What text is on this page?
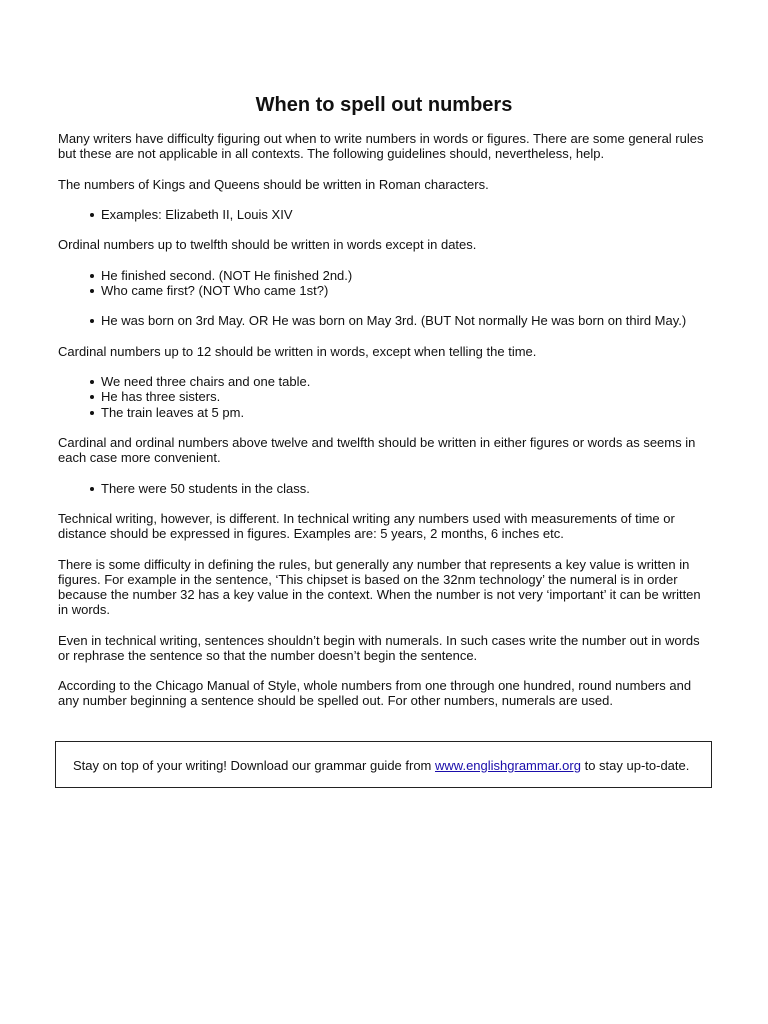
When to spell out numbers

Many writers have difficulty figuring out when to write numbers in words or figures. There are some general rules but these are not applicable in all contexts. The following guidelines should, nevertheless, help.

The numbers of Kings and Queens should be written in Roman characters.

Examples: Elizabeth II, Louis XIV

Ordinal numbers up to twelfth should be written in words except in dates.

He finished second. (NOT He finished 2nd.)
Who came first? (NOT Who came 1st?)
He was born on 3rd May. OR He was born on May 3rd. (BUT Not normally He was born on third May.)

Cardinal numbers up to 12 should be written in words, except when telling the time.

We need three chairs and one table.
He has three sisters.
The train leaves at 5 pm.

Cardinal and ordinal numbers above twelve and twelfth should be written in either figures or words as seems in each case more convenient.

There were 50 students in the class.

Technical writing, however, is different. In technical writing any numbers used with measurements of time or distance should be expressed in figures. Examples are: 5 years, 2 months, 6 inches etc.

There is some difficulty in defining the rules, but generally any number that represents a key value is written in figures. For example in the sentence, ‘This chipset is based on the 32nm technology’ the numeral is in order because the number 32 has a key value in the context. When the number is not very ‘important’ it can be written in words.

Even in technical writing, sentences shouldn’t begin with numerals. In such cases write the number out in words or rephrase the sentence so that the number doesn’t begin the sentence.

According to the Chicago Manual of Style, whole numbers from one through one hundred, round numbers and any number beginning a sentence should be spelled out. For other numbers, numerals are used.

Stay on top of your writing! Download our grammar guide from www.englishgrammar.org to stay up-to-date.
